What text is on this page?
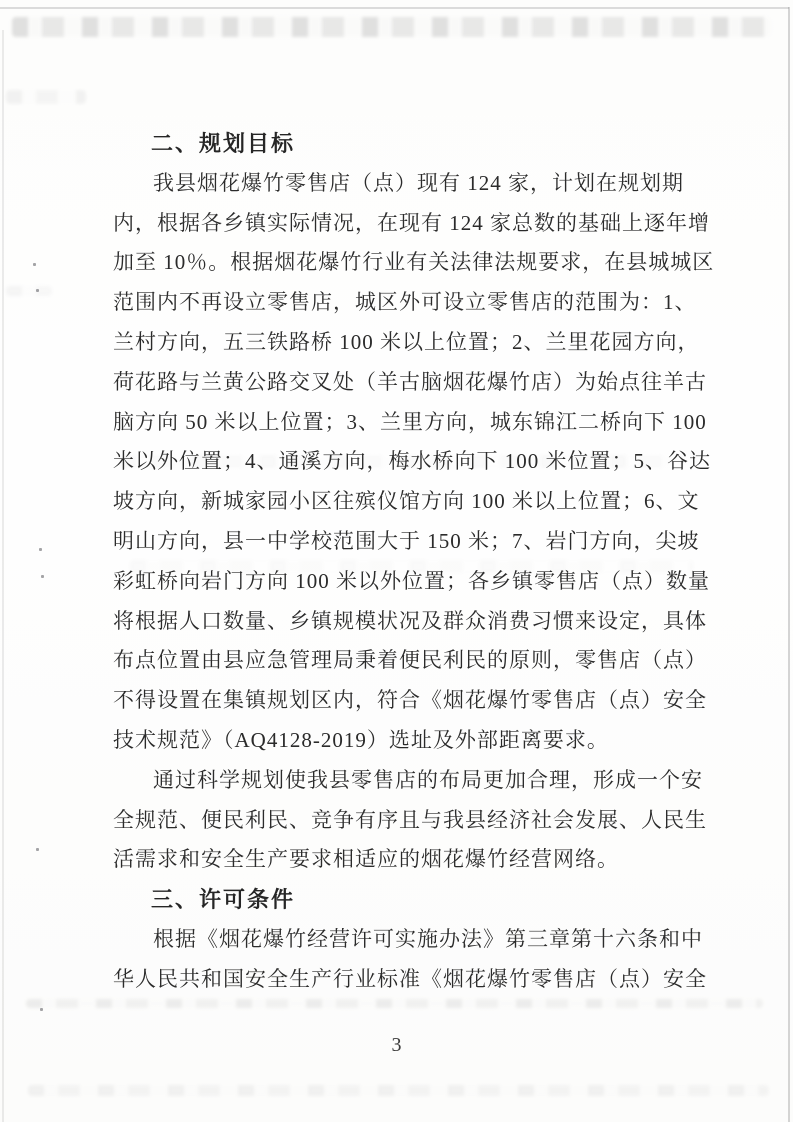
二、规划目标
我县烟花爆竹零售店（点）现有 124 家，计划在规划期
内，根据各乡镇实际情况，在现有 124 家总数的基础上逐年增
加至 10％。根据烟花爆竹行业有关法律法规要求，在县城城区
范围内不再设立零售店，城区外可设立零售店的范围为：1、
兰村方向，五三铁路桥 100 米以上位置；2、兰里花园方向，
荷花路与兰黄公路交叉处（羊古脑烟花爆竹店）为始点往羊古
脑方向 50 米以上位置；3、兰里方向，城东锦江二桥向下 100
米以外位置；4、通溪方向，梅水桥向下 100 米位置；5、谷达
坡方向，新城家园小区往殡仪馆方向 100 米以上位置；6、文
明山方向，县一中学校范围大于 150 米；7、岩门方向，尖坡
彩虹桥向岩门方向 100 米以外位置；各乡镇零售店（点）数量
将根据人口数量、乡镇规模状况及群众消费习惯来设定，具体
布点位置由县应急管理局秉着便民利民的原则，零售店（点）
不得设置在集镇规划区内，符合《烟花爆竹零售店（点）安全
技术规范》（AQ4128-2019）选址及外部距离要求。
通过科学规划使我县零售店的布局更加合理，形成一个安
全规范、便民利民、竞争有序且与我县经济社会发展、人民生
活需求和安全生产要求相适应的烟花爆竹经营网络。
三、许可条件
根据《烟花爆竹经营许可实施办法》第三章第十六条和中
华人民共和国安全生产行业标准《烟花爆竹零售店（点）安全
3
